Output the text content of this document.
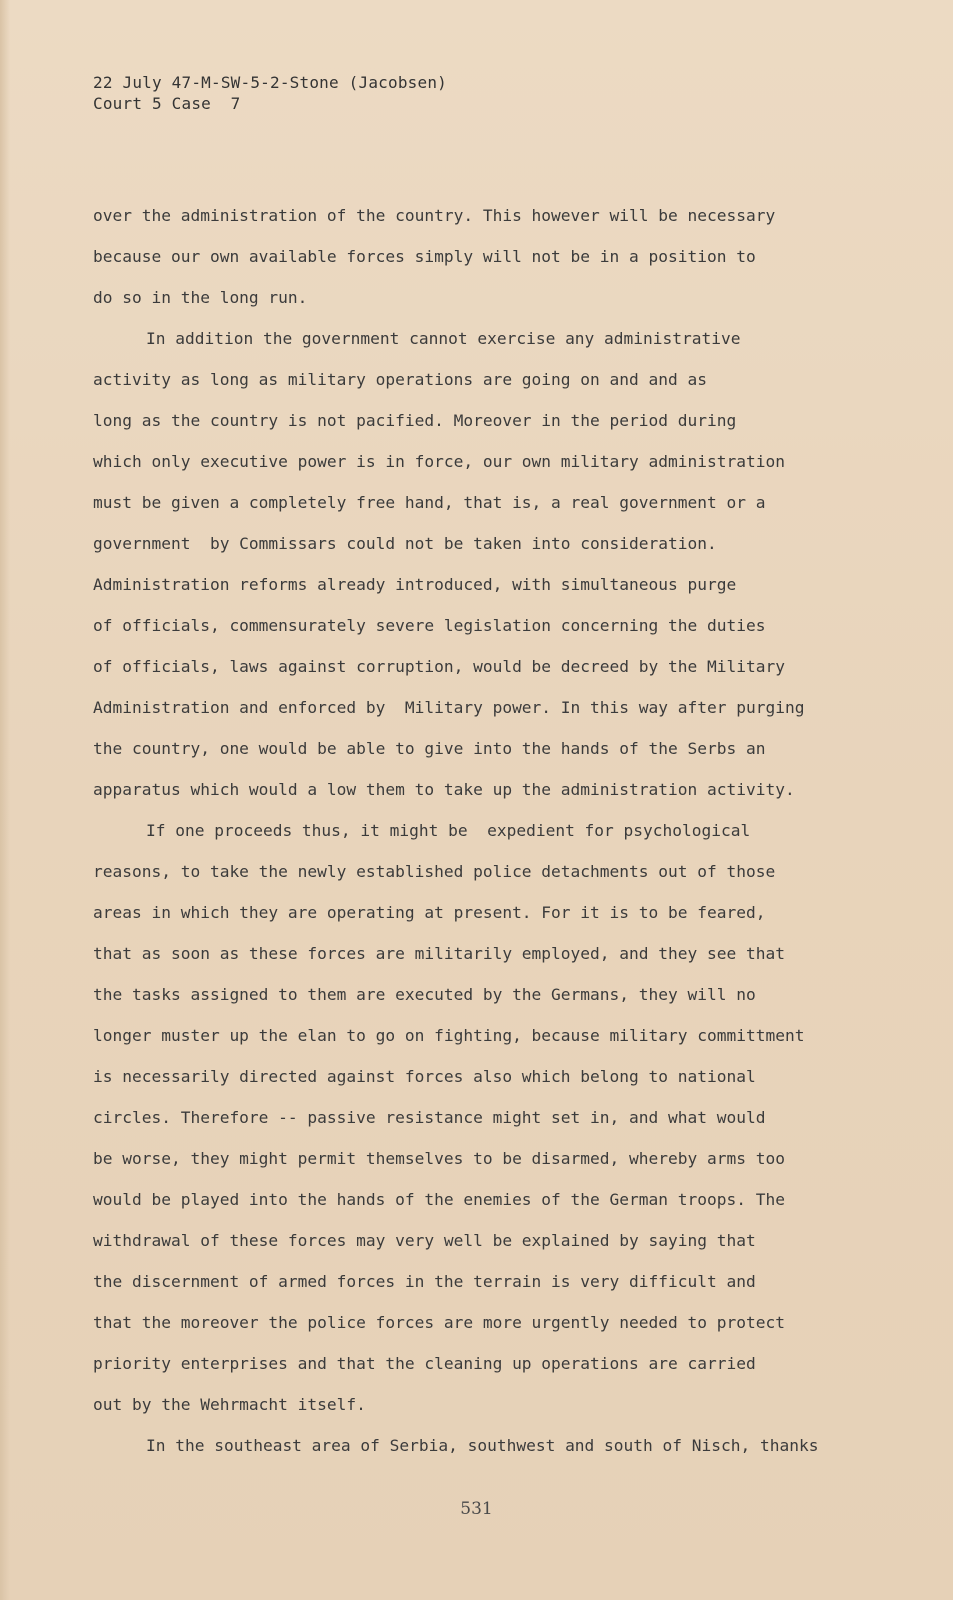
22 July 47-M-SW-5-2-Stone (Jacobsen)
Court 5 Case  7
over the administration of the country. This however will be necessary
because our own available forces simply will not be in a position to
do so in the long run.
In addition the government cannot exercise any administrative
activity as long as military operations are going on and and as
long as the country is not pacified. Moreover in the period during
which only executive power is in force, our own military administration
must be given a completely free hand, that is, a real government or a
government  by Commissars could not be taken into consideration.
Administration reforms already introduced, with simultaneous purge
of officials, commensurately severe legislation concerning the duties
of officials, laws against corruption, would be decreed by the Military
Administration and enforced by  Military power. In this way after purging
the country, one would be able to give into the hands of the Serbs an
apparatus which would a low them to take up the administration activity.
If one proceeds thus, it might be  expedient for psychological
reasons, to take the newly established police detachments out of those
areas in which they are operating at present. For it is to be feared,
that as soon as these forces are militarily employed, and they see that
the tasks assigned to them are executed by the Germans, they will no
longer muster up the elan to go on fighting, because military committment
is necessarily directed against forces also which belong to national
circles. Therefore -- passive resistance might set in, and what would
be worse, they might permit themselves to be disarmed, whereby arms too
would be played into the hands of the enemies of the German troops. The
withdrawal of these forces may very well be explained by saying that
the discernment of armed forces in the terrain is very difficult and
that the moreover the police forces are more urgently needed to protect
priority enterprises and that the cleaning up operations are carried
out by the Wehrmacht itself.
In the southeast area of Serbia, southwest and south of Nisch, thanks
531
